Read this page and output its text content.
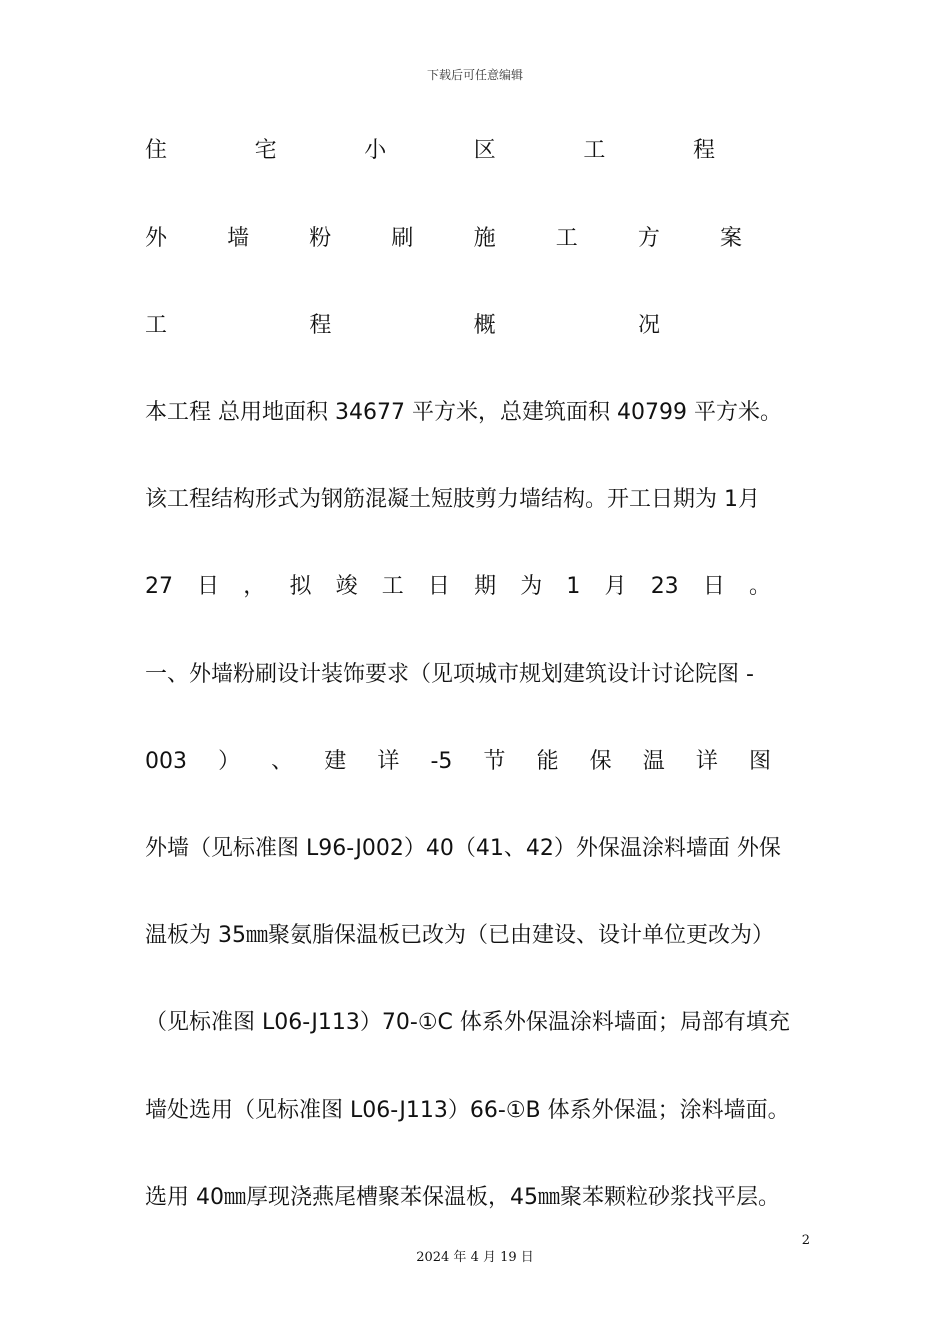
下载后可任意编辑
住	宅	小	区	工	程
外	墙	粉	刷	施	工	方	案
工	程	概	况
本工程 总用地面积 34677 平方米，总建筑面积 40799 平方米。
该工程结构形式为钢筋混凝土短肢剪力墙结构。开工日期为 1月
27 日 ， 拟 竣 工 日 期 为 1 月 23 日 。
一、外墙粉刷设计装饰要求（见项城市规划建筑设计讨论院图 -
003 ） 、 建 详 -5 节 能 保 温 详 图
外墙（见标准图 L96-J002）40（41、42）外保温涂料墙面 外保
温板为 35㎜聚氨脂保温板已改为（已由建设、设计单位更改为）
（见标准图 L06-J113）70-①C 体系外保温涂料墙面；局部有填充
墙处选用（见标准图 L06-J113）66-①B 体系外保温；涂料墙面。
选用 40㎜厚现浇燕尾槽聚苯保温板，45㎜聚苯颗粒砂浆找平层。
2
2024 年 4 月 19 日
